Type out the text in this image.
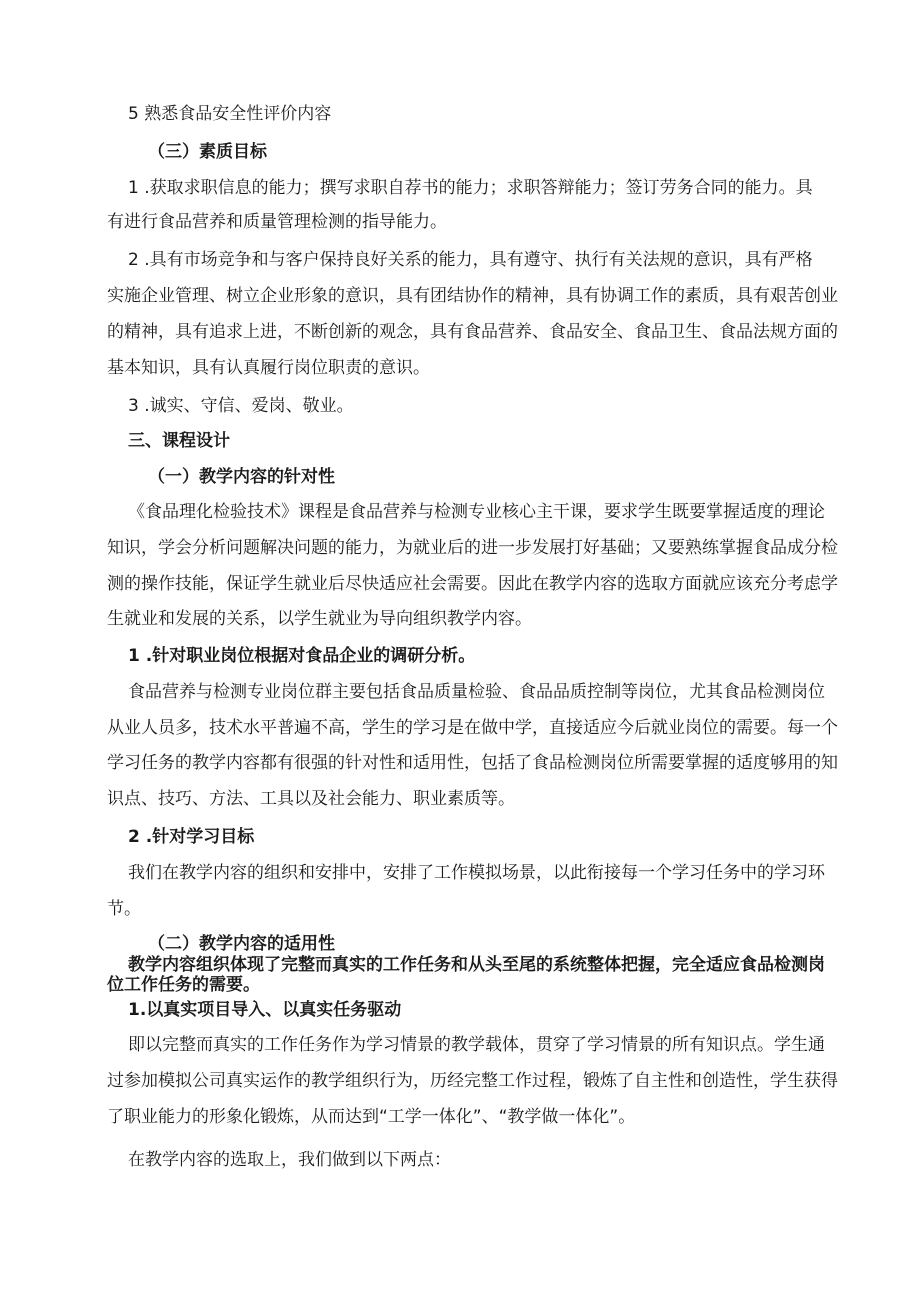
5 熟悉食品安全性评价内容
（三）素质目标
1 .获取求职信息的能力；撰写求职自荐书的能力；求职答辩能力；签订劳务合同的能力。具
有进行食品营养和质量管理检测的指导能力。
2 .具有市场竞争和与客户保持良好关系的能力，具有遵守、执行有关法规的意识，具有严格
实施企业管理、树立企业形象的意识，具有团结协作的精神，具有协调工作的素质，具有艰苦创业
的精神，具有追求上进，不断创新的观念，具有食品营养、食品安全、食品卫生、食品法规方面的
基本知识，具有认真履行岗位职责的意识。
3 .诚实、守信、爱岗、敬业。
三、课程设计
（一）教学内容的针对性
《食品理化检验技术》课程是食品营养与检测专业核心主干课，要求学生既要掌握适度的理论
知识，学会分析问题解决问题的能力，为就业后的进一步发展打好基础；又要熟练掌握食品成分检
测的操作技能，保证学生就业后尽快适应社会需要。因此在教学内容的选取方面就应该充分考虑学
生就业和发展的关系，以学生就业为导向组织教学内容。
1 .针对职业岗位根据对食品企业的调研分析。
食品营养与检测专业岗位群主要包括食品质量检验、食品品质控制等岗位，尤其食品检测岗位
从业人员多，技术水平普遍不高，学生的学习是在做中学，直接适应今后就业岗位的需要。每一个
学习任务的教学内容都有很强的针对性和适用性，包括了食品检测岗位所需要掌握的适度够用的知
识点、技巧、方法、工具以及社会能力、职业素质等。
2 .针对学习目标
我们在教学内容的组织和安排中，安排了工作模拟场景，以此衔接每一个学习任务中的学习环
节。
（二）教学内容的适用性
教学内容组织体现了完整而真实的工作任务和从头至尾的系统整体把握，完全适应食品检测岗
位工作任务的需要。
1.以真实项目导入、以真实任务驱动
即以完整而真实的工作任务作为学习情景的教学载体，贯穿了学习情景的所有知识点。学生通
过参加模拟公司真实运作的教学组织行为，历经完整工作过程，锻炼了自主性和创造性，学生获得
了职业能力的形象化锻炼，从而达到“工学一体化”、“教学做一体化”。
在教学内容的选取上，我们做到以下两点：
